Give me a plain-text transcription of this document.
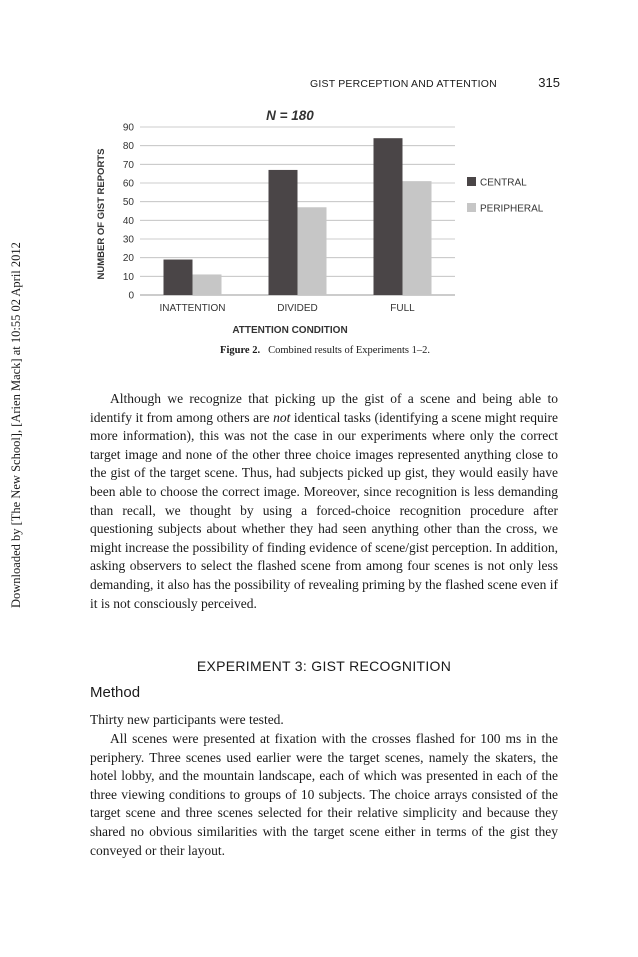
GIST PERCEPTION AND ATTENTION	315
Downloaded by [The New School], [Arien Mack] at 10:55 02 April 2012	0
10
20
30
40
50
60
70
80
90
INATTENTION	DIVIDED	FULL
N = 180
ATTENTION CONDITION
NUMBER OF GIST REPORTS	CENTRAL
PERIPHERAL
Figure 2. Combined results of Experiments 1–2.
Although we recognize that picking up the gist of a scene and being able to identify it from among others are not identical tasks (identifying a scene might require more information), this was not the case in our experiments where only the correct target image and none of the other three choice images represented anything close to the gist of the target scene. Thus, had subjects picked up gist, they would easily have been able to choose the correct image. Moreover, since recognition is less demanding than recall, we thought by using a forced-choice recognition procedure after questioning subjects about whether they had seen anything other than the cross, we might increase the possibility of finding evidence of scene/gist perception. In addition, asking observers to select the flashed scene from among four scenes is not only less demanding, it also has the possibility of revealing priming by the flashed scene even if it is not consciously perceived.
EXPERIMENT 3: GIST RECOGNITION
Method
Thirty new participants were tested.
All scenes were presented at fixation with the crosses flashed for 100 ms in the periphery. Three scenes used earlier were the target scenes, namely the skaters, the hotel lobby, and the mountain landscape, each of which was presented in each of the three viewing conditions to groups of 10 subjects. The choice arrays consisted of the target scene and three scenes selected for their relative simplicity and because they shared no obvious similarities with the target scene either in terms of the gist they conveyed or their layout.
